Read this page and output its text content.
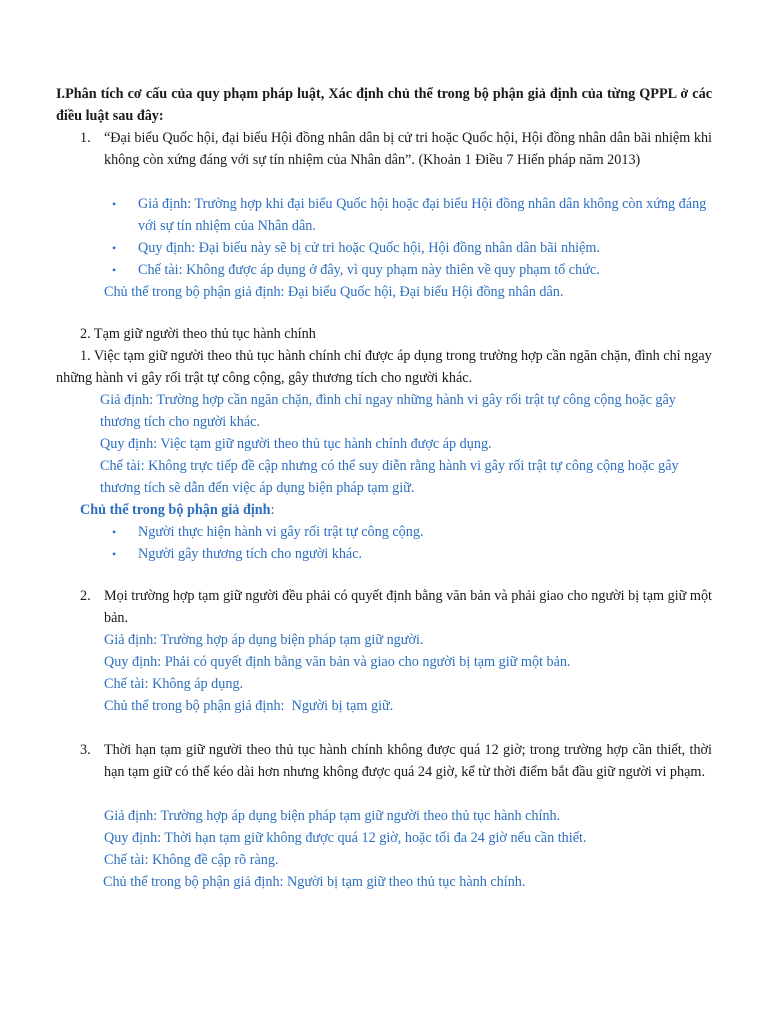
I.Phân tích cơ cấu của quy phạm pháp luật, Xác định chủ thể trong bộ phận giả định của từng QPPL ở các điều luật sau đây:

1. “Đại biểu Quốc hội, đại biểu Hội đồng nhân dân bị cử tri hoặc Quốc hội, Hội đồng nhân dân bãi nhiệm khi không còn xứng đáng với sự tín nhiệm của Nhân dân”. (Khoản 1 Điều 7 Hiến pháp năm 2013)

• Giả định: Trường hợp khi đại biểu Quốc hội hoặc đại biểu Hội đồng nhân dân không còn xứng đáng với sự tín nhiệm của Nhân dân.

• Quy định: Đại biểu này sẽ bị cử tri hoặc Quốc hội, Hội đồng nhân dân bãi nhiệm.

• Chế tài: Không được áp dụng ở đây, vì quy phạm này thiên về quy phạm tổ chức.

Chủ thể trong bộ phận giả định: Đại biểu Quốc hội, Đại biểu Hội đồng nhân dân.

2. Tạm giữ người theo thủ tục hành chính

1. Việc tạm giữ người theo thủ tục hành chính chỉ được áp dụng trong trường hợp cần ngăn chặn, đình chỉ ngay những hành vi gây rối trật tự công cộng, gây thương tích cho người khác.

Giả định: Trường hợp cần ngăn chặn, đình chỉ ngay những hành vi gây rối trật tự công cộng hoặc gây thương tích cho người khác.

Quy định: Việc tạm giữ người theo thủ tục hành chính được áp dụng.

Chế tài: Không trực tiếp đề cập nhưng có thể suy diễn rằng hành vi gây rối trật tự công cộng hoặc gây thương tích sẽ dẫn đến việc áp dụng biện pháp tạm giữ.

Chủ thể trong bộ phận giả định:

• Người thực hiện hành vi gây rối trật tự công cộng.

• Người gây thương tích cho người khác.

2. Mọi trường hợp tạm giữ người đều phải có quyết định bằng văn bản và phải giao cho người bị tạm giữ một bản.

Giả định: Trường hợp áp dụng biện pháp tạm giữ người.

Quy định: Phải có quyết định bằng văn bản và giao cho người bị tạm giữ một bản.

Chế tài: Không áp dụng.

Chủ thể trong bộ phận giả định:  Người bị tạm giữ.

3. Thời hạn tạm giữ người theo thủ tục hành chính không được quá 12 giờ; trong trường hợp cần thiết, thời hạn tạm giữ có thể kéo dài hơn nhưng không được quá 24 giờ, kể từ thời điểm bắt đầu giữ người vi phạm.

Giả định: Trường hợp áp dụng biện pháp tạm giữ người theo thủ tục hành chính.

Quy định: Thời hạn tạm giữ không được quá 12 giờ, hoặc tối đa 24 giờ nếu cần thiết.

Chế tài: Không đề cập rõ ràng.

Chủ thể trong bộ phận giả định: Người bị tạm giữ theo thủ tục hành chính.
